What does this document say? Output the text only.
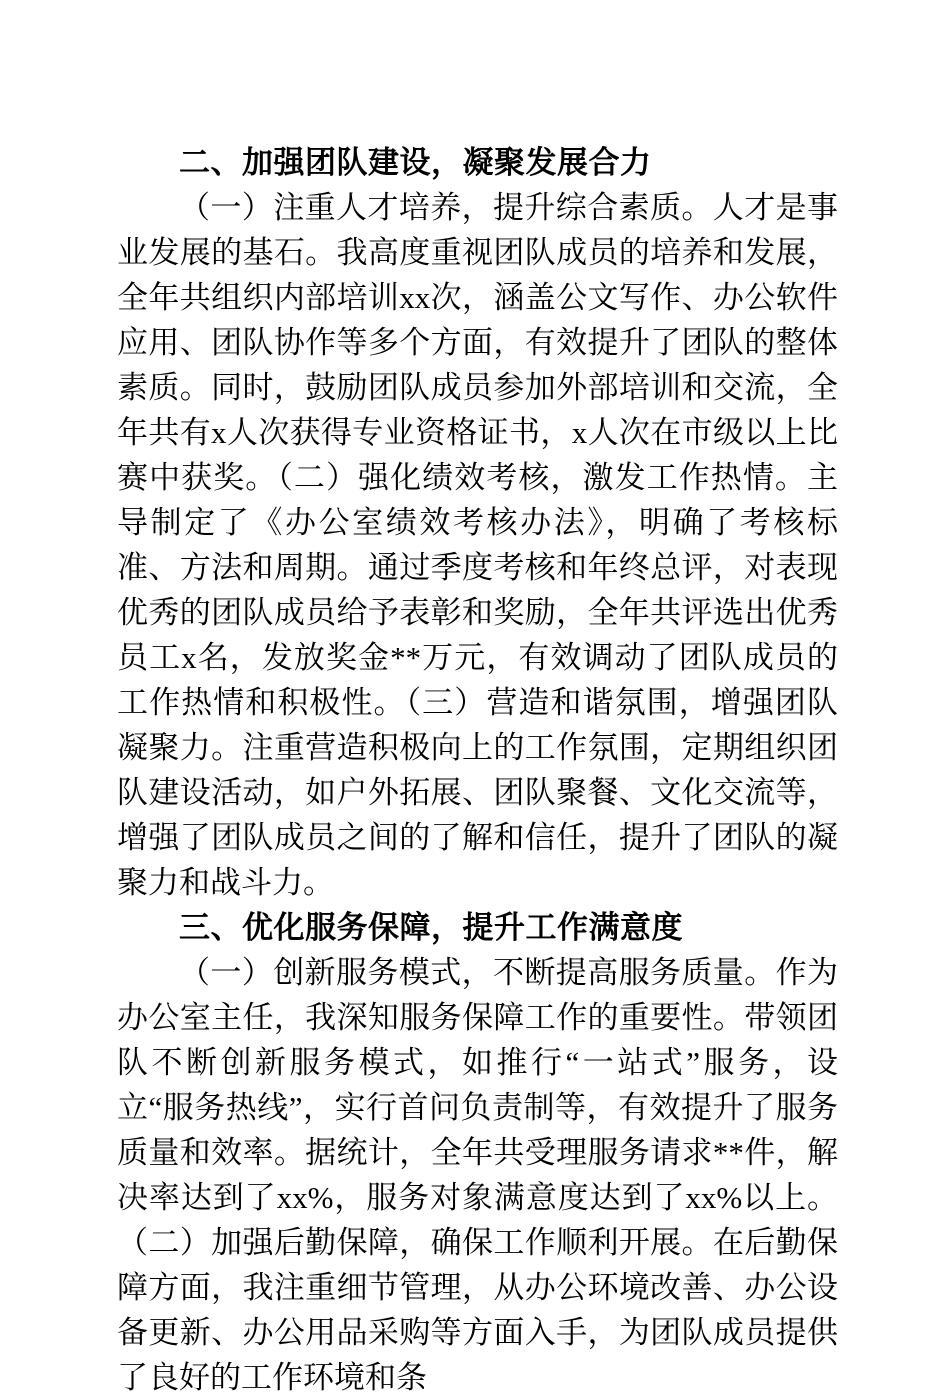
二、加强团队建设，凝聚发展合力

（一）注重人才培养，提升综合素质。人才是事业发展的基石。我高度重视团队成员的培养和发展，全年共组织内部培训xx次，涵盖公文写作、办公软件应用、团队协作等多个方面，有效提升了团队的整体素质。同时，鼓励团队成员参加外部培训和交流，全年共有x人次获得专业资格证书，x人次在市级以上比赛中获奖。（二）强化绩效考核，激发工作热情。主导制定了《办公室绩效考核办法》，明确了考核标准、方法和周期。通过季度考核和年终总评，对表现优秀的团队成员给予表彰和奖励，全年共评选出优秀员工x名，发放奖金**万元，有效调动了团队成员的工作热情和积极性。（三）营造和谐氛围，增强团队凝聚力。注重营造积极向上的工作氛围，定期组织团队建设活动，如户外拓展、团队聚餐、文化交流等，增强了团队成员之间的了解和信任，提升了团队的凝聚力和战斗力。

三、优化服务保障，提升工作满意度

（一）创新服务模式，不断提高服务质量。作为办公室主任，我深知服务保障工作的重要性。带领团队不断创新服务模式，如推行“一站式”服务，设立“服务热线”，实行首问负责制等，有效提升了服务质量和效率。据统计，全年共受理服务请求**件，解决率达到了xx%，服务对象满意度达到了xx%以上。（二）加强后勤保障，确保工作顺利开展。在后勤保障方面，我注重细节管理，从办公环境改善、办公设备更新、办公用品采购等方面入手，为团队成员提供了良好的工作环境和条
